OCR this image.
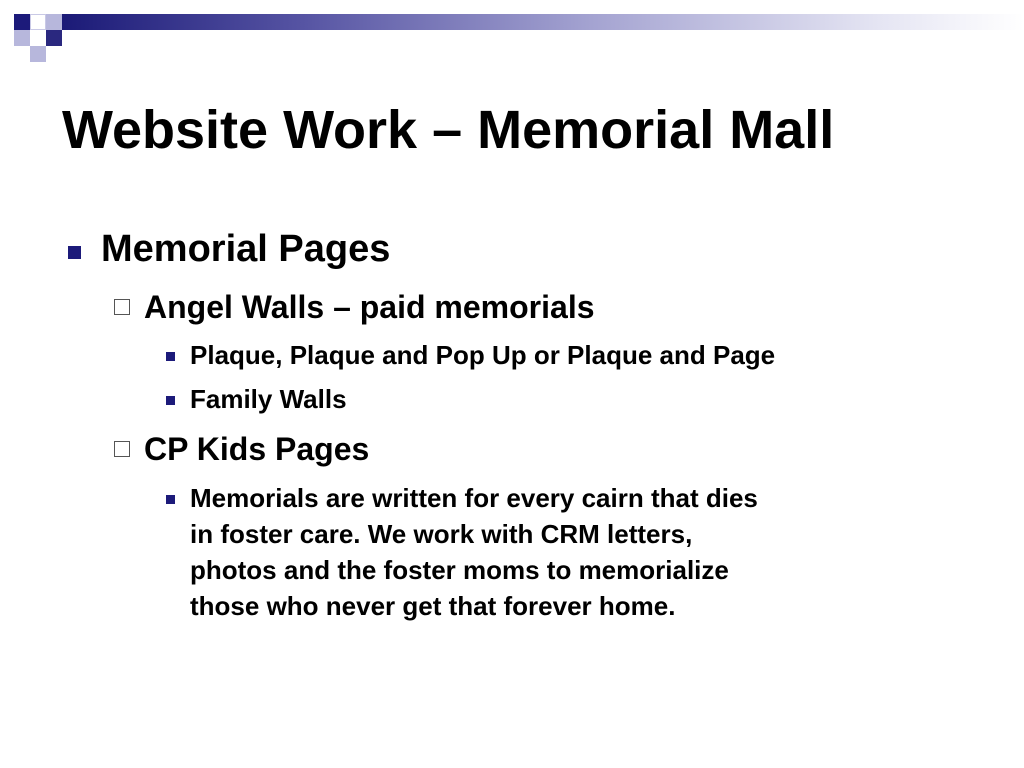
Website Work – Memorial Mall
Memorial Pages
Angel Walls – paid memorials
Plaque, Plaque and Pop Up or Plaque and Page
Family Walls
CP Kids Pages
Memorials are written for every cairn that dies
in foster care. We work with CRM letters,
photos and the foster moms to memorialize
those who never get that forever home.
